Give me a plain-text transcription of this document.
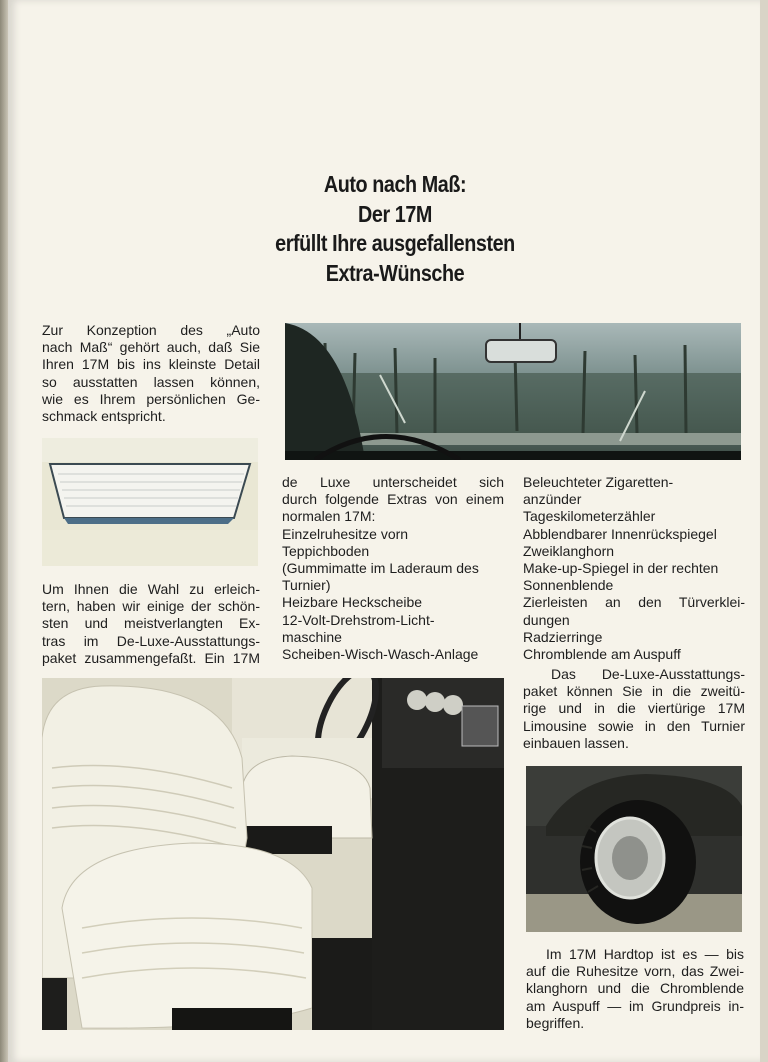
Auto nach Maß:
Der 17M
erfüllt Ihre ausgefallensten
Extra-Wünsche
Zur Konzeption des „Auto
nach Maß“ gehört auch, daß Sie
Ihren 17M bis ins kleinste Detail
so ausstatten lassen können,
wie es Ihrem persönlichen Ge-
schmack entspricht.
Um Ihnen die Wahl zu erleich-
tern, haben wir einige der schön-
sten und meistverlangten Ex-
tras im De-Luxe-Ausstattungs-
paket zusammengefaßt. Ein 17M
de Luxe unterscheidet sich
durch folgende Extras von einem
normalen 17M:
Einzelruhesitze vorn
Teppichboden
(Gummimatte im Laderaum des
Turnier)
Heizbare Heckscheibe
12-Volt-Drehstrom-Licht-
maschine
Scheiben-Wisch-Wasch-Anlage
Beleuchteter Zigaretten-
anzünder
Tageskilometerzähler
Abblendbarer Innenrückspiegel
Zweiklanghorn
Make-up-Spiegel in der rechten
Sonnenblende
Zierleisten an den Türverklei-
dungen
Radzierringe
Chromblende am Auspuff
Das De-Luxe-Ausstattungs-
paket können Sie in die zweitü-
rige und in die viertürige 17M
Limousine sowie in den Turnier
einbauen lassen.
Im 17M Hardtop ist es — bis
auf die Ruhesitze vorn, das Zwei-
klanghorn und die Chromblende
am Auspuff — im Grundpreis in-
begriffen.
